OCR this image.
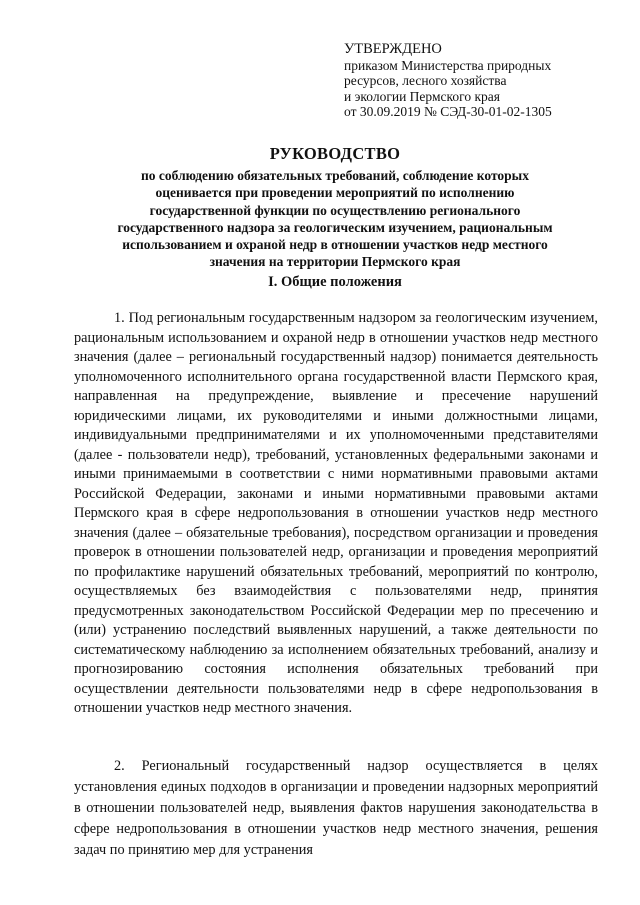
УТВЕРЖДЕНО
приказом Министерства природных
ресурсов, лесного хозяйства
и экологии Пермского края
от 30.09.2019 № СЭД-30-01-02-1305
РУКОВОДСТВО
по соблюдению обязательных требований, соблюдение которых
оценивается при проведении мероприятий по исполнению
государственной функции по осуществлению регионального
государственного надзора за геологическим изучением, рациональным
использованием и охраной недр в отношении участков недр местного
значения на территории Пермского края
I. Общие положения

1. Под региональным государственным надзором за геологическим изучением, рациональным использованием и охраной недр в отношении участков недр местного значения (далее – региональный государственный надзор) понимается деятельность уполномоченного исполнительного органа государственной власти Пермского края, направленная на предупреждение, выявление и пресечение нарушений юридическими лицами, их руководителями и иными должностными лицами, индивидуальными предпринимателями и их уполномоченными представителями (далее - пользователи недр), требований, установленных федеральными законами и иными принимаемыми в соответствии с ними нормативными правовыми актами Российской Федерации, законами и иными нормативными правовыми актами Пермского края в сфере недропользования в отношении участков недр местного значения (далее – обязательные требования), посредством организации и проведения проверок в отношении пользователей недр, организации и проведения мероприятий по профилактике нарушений обязательных требований, мероприятий по контролю, осуществляемых без взаимодействия с пользователями недр, принятия предусмотренных законодательством Российской Федерации мер по пресечению и (или) устранению последствий выявленных нарушений, а также деятельности по систематическому наблюдению за исполнением обязательных требований, анализу и прогнозированию состояния исполнения обязательных требований при осуществлении деятельности пользователями недр в сфере недропользования в отношении участков недр местного значения.

2. Региональный государственный надзор осуществляется в целях установления единых подходов в организации и проведении надзорных мероприятий в отношении пользователей недр, выявления фактов нарушения законодательства в сфере недропользования в отношении участков недр местного значения, решения задач по принятию мер для устранения
